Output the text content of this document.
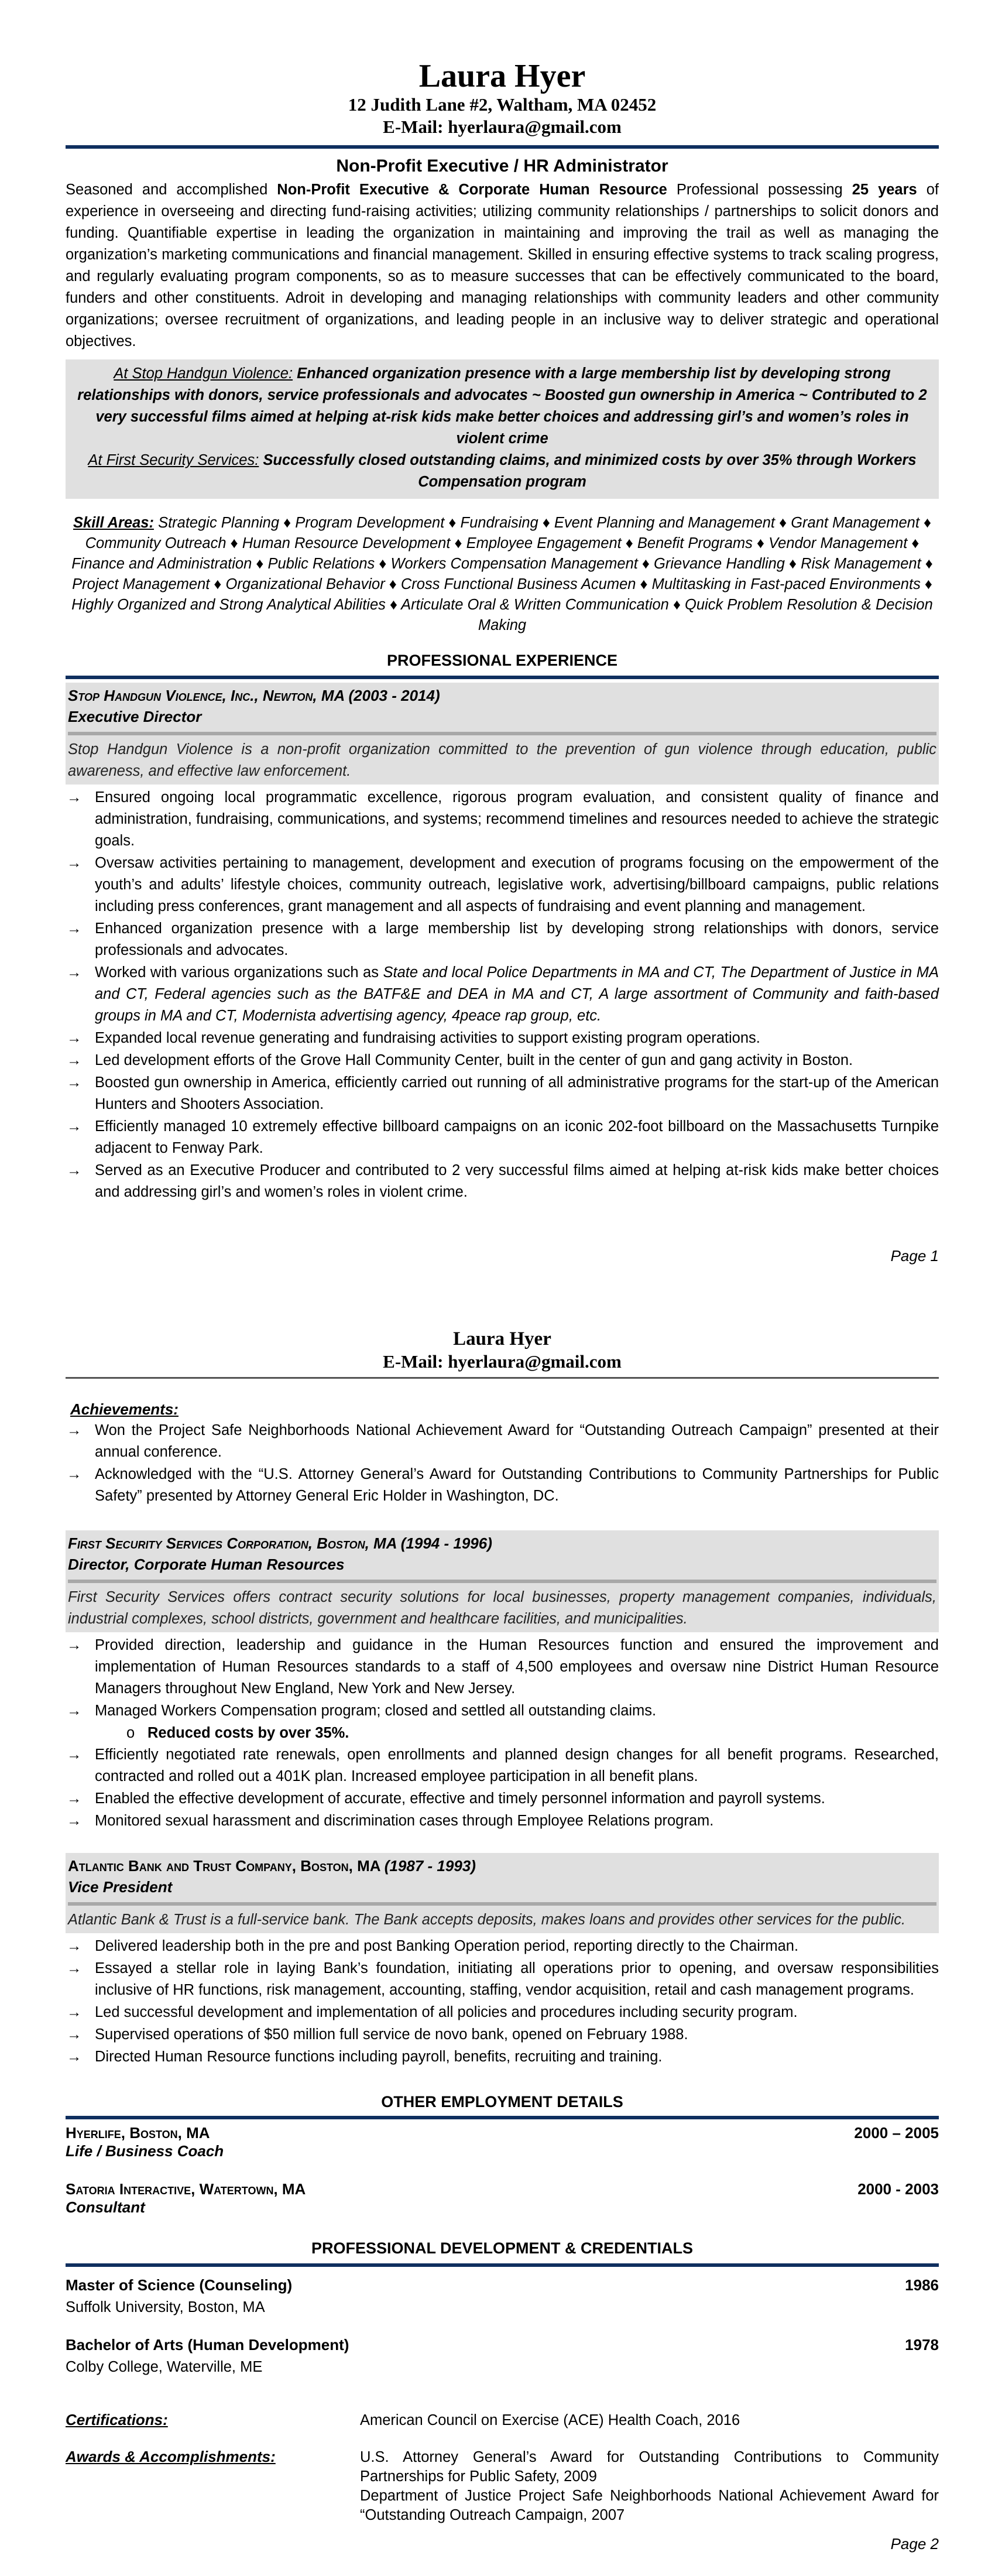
Laura Hyer
12 Judith Lane #2, Waltham, MA 02452
E-Mail: hyerlaura@gmail.com
Non-Profit Executive / HR Administrator
Seasoned and accomplished Non-Profit Executive & Corporate Human Resource Professional possessing 25 years of experience in overseeing and directing fund-raising activities; utilizing community relationships / partnerships to solicit donors and funding. Quantifiable expertise in leading the organization in maintaining and improving the trail as well as managing the organization’s marketing communications and financial management. Skilled in ensuring effective systems to track scaling progress, and regularly evaluating program components, so as to measure successes that can be effectively communicated to the board, funders and other constituents. Adroit in developing and managing relationships with community leaders and other community organizations; oversee recruitment of organizations, and leading people in an inclusive way to deliver strategic and operational objectives.
At Stop Handgun Violence: Enhanced organization presence with a large membership list by developing strong relationships with donors, service professionals and advocates ~ Boosted gun ownership in America ~ Contributed to 2 very successful films aimed at helping at-risk kids make better choices and addressing girl’s and women’s roles in violent crime
At First Security Services: Successfully closed outstanding claims, and minimized costs by over 35% through Workers Compensation program
Skill Areas: Strategic Planning ♦ Program Development ♦ Fundraising ♦ Event Planning and Management ♦ Grant Management ♦ Community Outreach ♦ Human Resource Development ♦ Employee Engagement ♦ Benefit Programs ♦ Vendor Management ♦ Finance and Administration ♦ Public Relations ♦ Workers Compensation Management ♦ Grievance Handling ♦ Risk Management ♦ Project Management ♦ Organizational Behavior ♦ Cross Functional Business Acumen ♦ Multitasking in Fast-paced Environments ♦ Highly Organized and Strong Analytical Abilities ♦ Articulate Oral & Written Communication ♦ Quick Problem Resolution & Decision Making
PROFESSIONAL EXPERIENCE
Stop Handgun Violence, Inc., Newton, MA (2003 - 2014)
Executive Director
Stop Handgun Violence is a non-profit organization committed to the prevention of gun violence through education, public awareness, and effective law enforcement.
→ Ensured ongoing local programmatic excellence, rigorous program evaluation, and consistent quality of finance and administration, fundraising, communications, and systems; recommend timelines and resources needed to achieve the strategic goals.
→ Oversaw activities pertaining to management, development and execution of programs focusing on the empowerment of the youth’s and adults’ lifestyle choices, community outreach, legislative work, advertising/billboard campaigns, public relations including press conferences, grant management and all aspects of fundraising and event planning and management.
→ Enhanced organization presence with a large membership list by developing strong relationships with donors, service professionals and advocates.
→ Worked with various organizations such as State and local Police Departments in MA and CT, The Department of Justice in MA and CT, Federal agencies such as the BATF&E and DEA in MA and CT, A large assortment of Community and faith-based groups in MA and CT, Modernista advertising agency, 4peace rap group, etc.
→ Expanded local revenue generating and fundraising activities to support existing program operations.
→ Led development efforts of the Grove Hall Community Center, built in the center of gun and gang activity in Boston.
→ Boosted gun ownership in America, efficiently carried out running of all administrative programs for the start-up of the American Hunters and Shooters Association.
→ Efficiently managed 10 extremely effective billboard campaigns on an iconic 202-foot billboard on the Massachusetts Turnpike adjacent to Fenway Park.
→ Served as an Executive Producer and contributed to 2 very successful films aimed at helping at-risk kids make better choices and addressing girl’s and women’s roles in violent crime.
Page 1
Laura Hyer
E-Mail: hyerlaura@gmail.com
Achievements:
→ Won the Project Safe Neighborhoods National Achievement Award for “Outstanding Outreach Campaign” presented at their annual conference.
→ Acknowledged with the “U.S. Attorney General’s Award for Outstanding Contributions to Community Partnerships for Public Safety” presented by Attorney General Eric Holder in Washington, DC.
First Security Services Corporation, Boston, MA (1994 - 1996)
Director, Corporate Human Resources
First Security Services offers contract security solutions for local businesses, property management companies, individuals, industrial complexes, school districts, government and healthcare facilities, and municipalities.
→ Provided direction, leadership and guidance in the Human Resources function and ensured the improvement and implementation of Human Resources standards to a staff of 4,500 employees and oversaw nine District Human Resource Managers throughout New England, New York and New Jersey.
→ Managed Workers Compensation program; closed and settled all outstanding claims.
o Reduced costs by over 35%.
→ Efficiently negotiated rate renewals, open enrollments and planned design changes for all benefit programs. Researched, contracted and rolled out a 401K plan. Increased employee participation in all benefit plans.
→ Enabled the effective development of accurate, effective and timely personnel information and payroll systems.
→ Monitored sexual harassment and discrimination cases through Employee Relations program.
Atlantic Bank and Trust Company, Boston, MA (1987 - 1993)
Vice President
Atlantic Bank & Trust is a full-service bank. The Bank accepts deposits, makes loans and provides other services for the public.
→ Delivered leadership both in the pre and post Banking Operation period, reporting directly to the Chairman.
→ Essayed a stellar role in laying Bank’s foundation, initiating all operations prior to opening, and oversaw responsibilities inclusive of HR functions, risk management, accounting, staffing, vendor acquisition, retail and cash management programs.
→ Led successful development and implementation of all policies and procedures including security program.
→ Supervised operations of $50 million full service de novo bank, opened on February 1988.
→ Directed Human Resource functions including payroll, benefits, recruiting and training.
OTHER EMPLOYMENT DETAILS
Hyerlife, Boston, MA	2000 – 2005
Life / Business Coach
Satoria Interactive, Watertown, MA	2000 - 2003
Consultant
PROFESSIONAL DEVELOPMENT & CREDENTIALS
Master of Science (Counseling)	1986
Suffolk University, Boston, MA
Bachelor of Arts (Human Development)	1978
Colby College, Waterville, ME
Certifications:	American Council on Exercise (ACE) Health Coach, 2016
Awards & Accomplishments:	U.S. Attorney General’s Award for Outstanding Contributions to Community Partnerships for Public Safety, 2009
Department of Justice Project Safe Neighborhoods National Achievement Award for “Outstanding Outreach Campaign, 2007
Page 2
